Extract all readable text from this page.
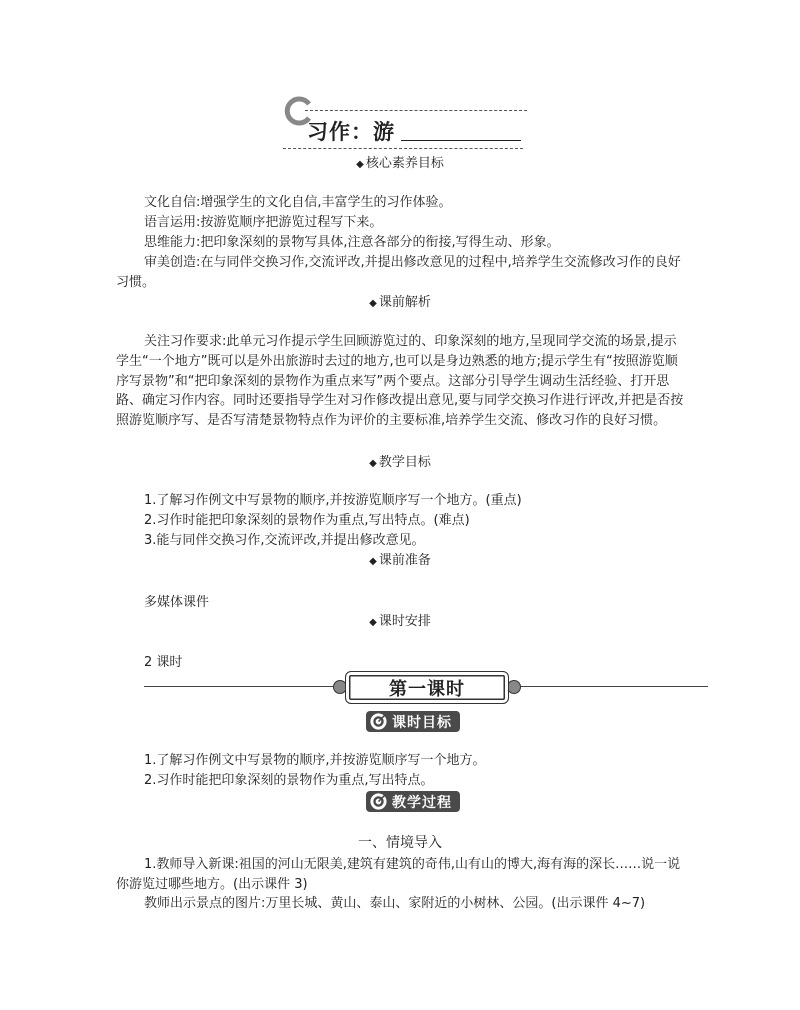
习作：游
◆ 核心素养目标
文化自信:增强学生的文化自信,丰富学生的习作体验。
语言运用:按游览顺序把游览过程写下来。
思维能力:把印象深刻的景物写具体,注意各部分的衔接,写得生动、形象。
审美创造:在与同伴交换习作,交流评改,并提出修改意见的过程中,培养学生交流修改习作的良好习惯。
◆ 课前解析
关注习作要求:此单元习作提示学生回顾游览过的、印象深刻的地方,呈现同学交流的场景,提示学生“一个地方”既可以是外出旅游时去过的地方,也可以是身边熟悉的地方;提示学生有“按照游览顺序写景物”和“把印象深刻的景物作为重点来写”两个要点。这部分引导学生调动生活经验、打开思路、确定习作内容。同时还要指导学生对习作修改提出意见,要与同学交换习作进行评改,并把是否按照游览顺序写、是否写清楚景物特点作为评价的主要标准,培养学生交流、修改习作的良好习惯。
◆ 教学目标
1.了解习作例文中写景物的顺序,并按游览顺序写一个地方。(重点)
2.习作时能把印象深刻的景物作为重点,写出特点。(难点)
3.能与同伴交换习作,交流评改,并提出修改意见。
◆ 课前准备
多媒体课件
◆ 课时安排
2 课时
第一课时
课时目标
1.了解习作例文中写景物的顺序,并按游览顺序写一个地方。
2.习作时能把印象深刻的景物作为重点,写出特点。
教学过程
一、情境导入
1.教师导入新课:祖国的河山无限美,建筑有建筑的奇伟,山有山的博大,海有海的深长……说一说你游览过哪些地方。(出示课件 3)
教师出示景点的图片:万里长城、黄山、泰山、家附近的小树林、公园。(出示课件 4~7)
